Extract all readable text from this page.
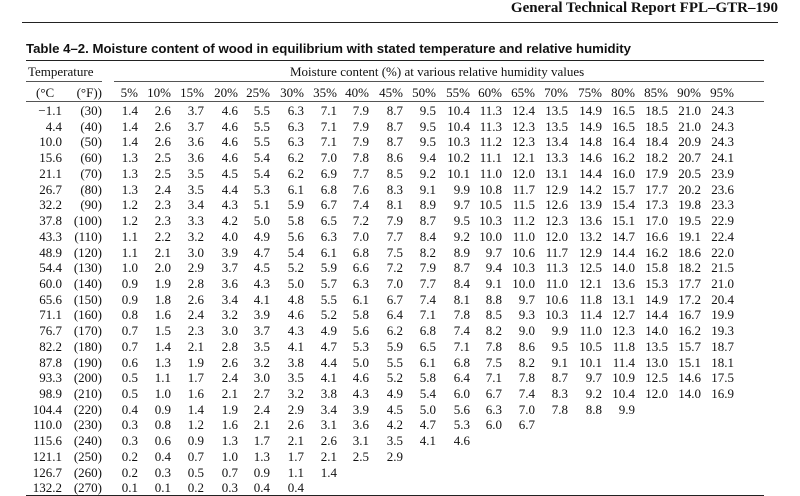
General Technical Report FPL–GTR–190
Table 4–2. Moisture content of wood in equilibrium with stated temperature and relative humidity
Temperature	Moisture content (%) at various relative humidity values
(°C	(°F))	5% 10% 15% 20% 25% 30% 35% 40% 45% 50% 55% 60% 65% 70% 75% 80% 85% 90% 95%
−1.1	(30)	1.4	2.6	3.7	4.6	5.5	6.3	7.1	7.9	8.7	9.5 10.4 11.3 12.4 13.5 14.9 16.5 18.5 21.0 24.3
4.4	(40)	1.4	2.6	3.7	4.6	5.5	6.3	7.1	7.9	8.7	9.5 10.4 11.3 12.3 13.5 14.9 16.5 18.5 21.0 24.3
10.0	(50)	1.4	2.6	3.6	4.6	5.5	6.3	7.1	7.9	8.7	9.5 10.3 11.2 12.3 13.4 14.8 16.4 18.4 20.9 24.3
15.6	(60)	1.3	2.5	3.6	4.6	5.4	6.2	7.0	7.8	8.6	9.4 10.2 11.1 12.1 13.3 14.6 16.2 18.2 20.7 24.1
21.1	(70)	1.3	2.5	3.5	4.5	5.4	6.2	6.9	7.7	8.5	9.2 10.1 11.0 12.0 13.1 14.4 16.0 17.9 20.5 23.9
26.7	(80)	1.3	2.4	3.5	4.4	5.3	6.1	6.8	7.6	8.3	9.1	9.9 10.8 11.7 12.9 14.2 15.7 17.7 20.2 23.6
32.2	(90)	1.2	2.3	3.4	4.3	5.1	5.9	6.7	7.4	8.1	8.9	9.7 10.5 11.5 12.6 13.9 15.4 17.3 19.8 23.3
37.8 (100)	1.2	2.3	3.3	4.2	5.0	5.8	6.5	7.2	7.9	8.7	9.5 10.3 11.2 12.3 13.6 15.1 17.0 19.5 22.9
43.3 (110)	1.1	2.2	3.2	4.0	4.9	5.6	6.3	7.0	7.7	8.4	9.2 10.0 11.0 12.0 13.2 14.7 16.6 19.1 22.4
48.9 (120)	1.1	2.1	3.0	3.9	4.7	5.4	6.1	6.8	7.5	8.2	8.9	9.7 10.6 11.7 12.9 14.4 16.2 18.6 22.0
54.4 (130)	1.0	2.0	2.9	3.7	4.5	5.2	5.9	6.6	7.2	7.9	8.7	9.4 10.3 11.3 12.5 14.0 15.8 18.2 21.5
60.0 (140)	0.9	1.9	2.8	3.6	4.3	5.0	5.7	6.3	7.0	7.7	8.4	9.1 10.0 11.0 12.1 13.6 15.3 17.7 21.0
65.6 (150)	0.9	1.8	2.6	3.4	4.1	4.8	5.5	6.1	6.7	7.4	8.1	8.8	9.7 10.6 11.8 13.1 14.9 17.2 20.4
71.1 (160)	0.8	1.6	2.4	3.2	3.9	4.6	5.2	5.8	6.4	7.1	7.8	8.5	9.3 10.3 11.4 12.7 14.4 16.7 19.9
76.7 (170)	0.7	1.5	2.3	3.0	3.7	4.3	4.9	5.6	6.2	6.8	7.4	8.2	9.0	9.9 11.0 12.3 14.0 16.2 19.3
82.2 (180)	0.7	1.4	2.1	2.8	3.5	4.1	4.7	5.3	5.9	6.5	7.1	7.8	8.6	9.5 10.5 11.8 13.5 15.7 18.7
87.8 (190)	0.6	1.3	1.9	2.6	3.2	3.8	4.4	5.0	5.5	6.1	6.8	7.5	8.2	9.1 10.1 11.4 13.0 15.1 18.1
93.3 (200)	0.5	1.1	1.7	2.4	3.0	3.5	4.1	4.6	5.2	5.8	6.4	7.1	7.8	8.7	9.7 10.9 12.5 14.6 17.5
98.9 (210)	0.5	1.0	1.6	2.1	2.7	3.2	3.8	4.3	4.9	5.4	6.0	6.7	7.4	8.3	9.2 10.4 12.0 14.0 16.9
104.4 (220)	0.4	0.9	1.4	1.9	2.4	2.9	3.4	3.9	4.5	5.0	5.6	6.3	7.0	7.8	8.8	9.9
110.0 (230)	0.3	0.8	1.2	1.6	2.1	2.6	3.1	3.6	4.2	4.7	5.3	6.0	6.7
115.6 (240)	0.3	0.6	0.9	1.3	1.7	2.1	2.6	3.1	3.5	4.1	4.6
121.1 (250)	0.2	0.4	0.7	1.0	1.3	1.7	2.1	2.5	2.9
126.7 (260)	0.2	0.3	0.5	0.7	0.9	1.1	1.4
132.2 (270)	0.1	0.1	0.2	0.3	0.4	0.4
